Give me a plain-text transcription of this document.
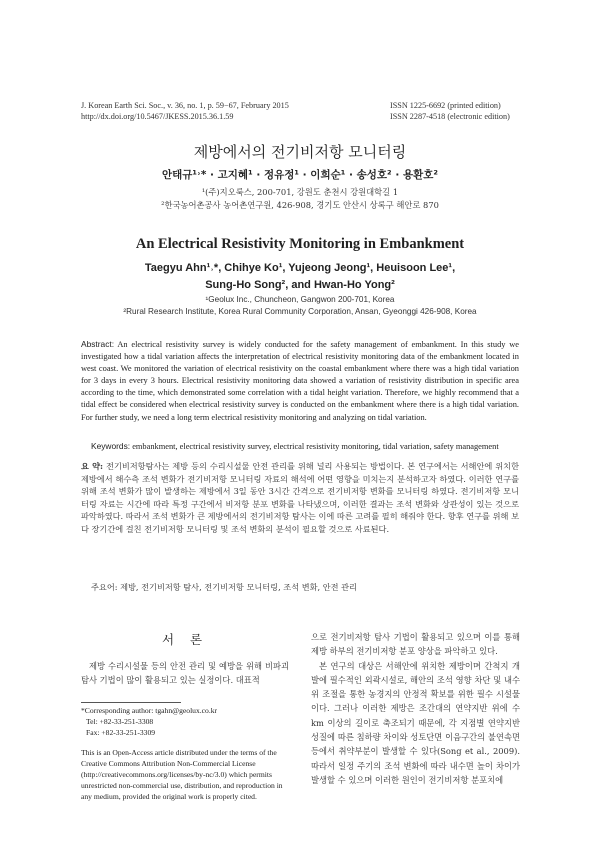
J. Korean Earth Sci. Soc., v. 36, no. 1, p. 59−67, February 2015
http://dx.doi.org/10.5467/JKESS.2015.36.1.59
ISSN 1225-6692 (printed edition)
ISSN 2287-4518 (electronic edition)
제방에서의 전기비저항 모니터링
안태규¹˒* · 고지혜¹ · 정유정¹ · 이희순¹ · 송성호² · 용환호²
¹(주)지오룩스, 200-701, 강원도 춘천시 강원대학길 1
²한국농어촌공사 농어촌연구원, 426-908, 경기도 안산시 상록구 해안로 870
An Electrical Resistivity Monitoring in Embankment
Taegyu Ahn¹˒*, Chihye Ko¹, Yujeong Jeong¹, Heuisoon Lee¹,
Sung-Ho Song², and Hwan-Ho Yong²
¹Geolux Inc., Chuncheon, Gangwon 200-701, Korea
²Rural Research Institute, Korea Rural Community Corporation, Ansan, Gyeonggi 426-908, Korea
Abstract: An electrical resistivity survey is widely conducted for the safety management of embankment. In this study we investigated how a tidal variation affects the interpretation of electrical resistivity monitoring data of the embankment located in west coast. We monitored the variation of electrical resistivity on the coastal embankment where there was a high tidal variation for 3 days in every 3 hours. Electrical resistivity monitoring data showed a variation of resistivity distribution in specific area according to the time, which demonstrated some correlation with a tidal height variation. Therefore, we highly recommend that a tidal effect be considered when electrical resistivity survey is conducted on the embankment where there is a high tidal variation. For further study, we need a long term electrical resistivity monitoring and analyzing on tidal variation.
Keywords: embankment, electrical resistivity survey, electrical resistivity monitoring, tidal variation, safety management
요 약: 전기비저항탐사는 제방 등의 수리시설물 안전 관리를 위해 널리 사용되는 방법이다. 본 연구에서는 서해안에 위치한 제방에서 해수측 조석 변화가 전기비저항 모니터링 자료의 해석에 어떤 영향을 미치는지 분석하고자 하였다. 이러한 연구를 위해 조석 변화가 많이 발생하는 제방에서 3일 동안 3시간 간격으로 전기비저항 변화를 모니터링 하였다. 전기비저항 모니터링 자료는 시간에 따라 특정 구간에서 비저항 분포 변화를 나타냈으며, 이러한 결과는 조석 변화와 상관성이 있는 것으로 파악하였다. 따라서 조석 변화가 큰 제방에서의 전기비저항 탐사는 이에 따른 고려를 필히 해줘야 한다. 향후 연구를 위해 보다 장기간에 걸친 전기비저항 모니터링 및 조석 변화의 분석이 필요할 것으로 사료된다.
주요어: 제방, 전기비저항 탐사, 전기비저항 모니터링, 조석 변화, 안전 관리
서 론
제방 수리시설물 등의 안전 관리 및 예방을 위해 비파괴 탐사 기법이 많이 활용되고 있는 실정이다. 대표적
*Corresponding author: tgahn@geolux.co.kr
Tel: +82-33-251-3308
Fax: +82-33-251-3309
This is an Open-Access article distributed under the terms of the Creative Commons Attribution Non-Commercial License (http://creativecommons.org/licenses/by-nc/3.0) which permits unrestricted non-commercial use, distribution, and reproduction in any medium, provided the original work is properly cited.
으로 전기비저항 탐사 기법이 활용되고 있으며 이를 통해 제방 하부의 전기비저항 분포 양상을 파악하고 있다.
본 연구의 대상은 서해안에 위치한 제방이며 간척지 개발에 필수적인 외곽시설로, 해안의 조석 영향 차단 및 내수위 조절을 통한 농경지의 안정적 확보를 위한 필수 시설물이다. 그러나 이러한 제방은 조간대의 연약지반 위에 수km 이상의 길이로 축조되기 때문에, 각 지점별 연약지반 성질에 따른 침하량 차이와 성토단면 이음구간의 불연속면 등에서 취약부분이 발생할 수 있다(Song et al., 2009). 따라서 일정 주기의 조석 변화에 따라 내수면 높이 차이가 발생할 수 있으며 이러한 원인이 전기비저항 분포치에
